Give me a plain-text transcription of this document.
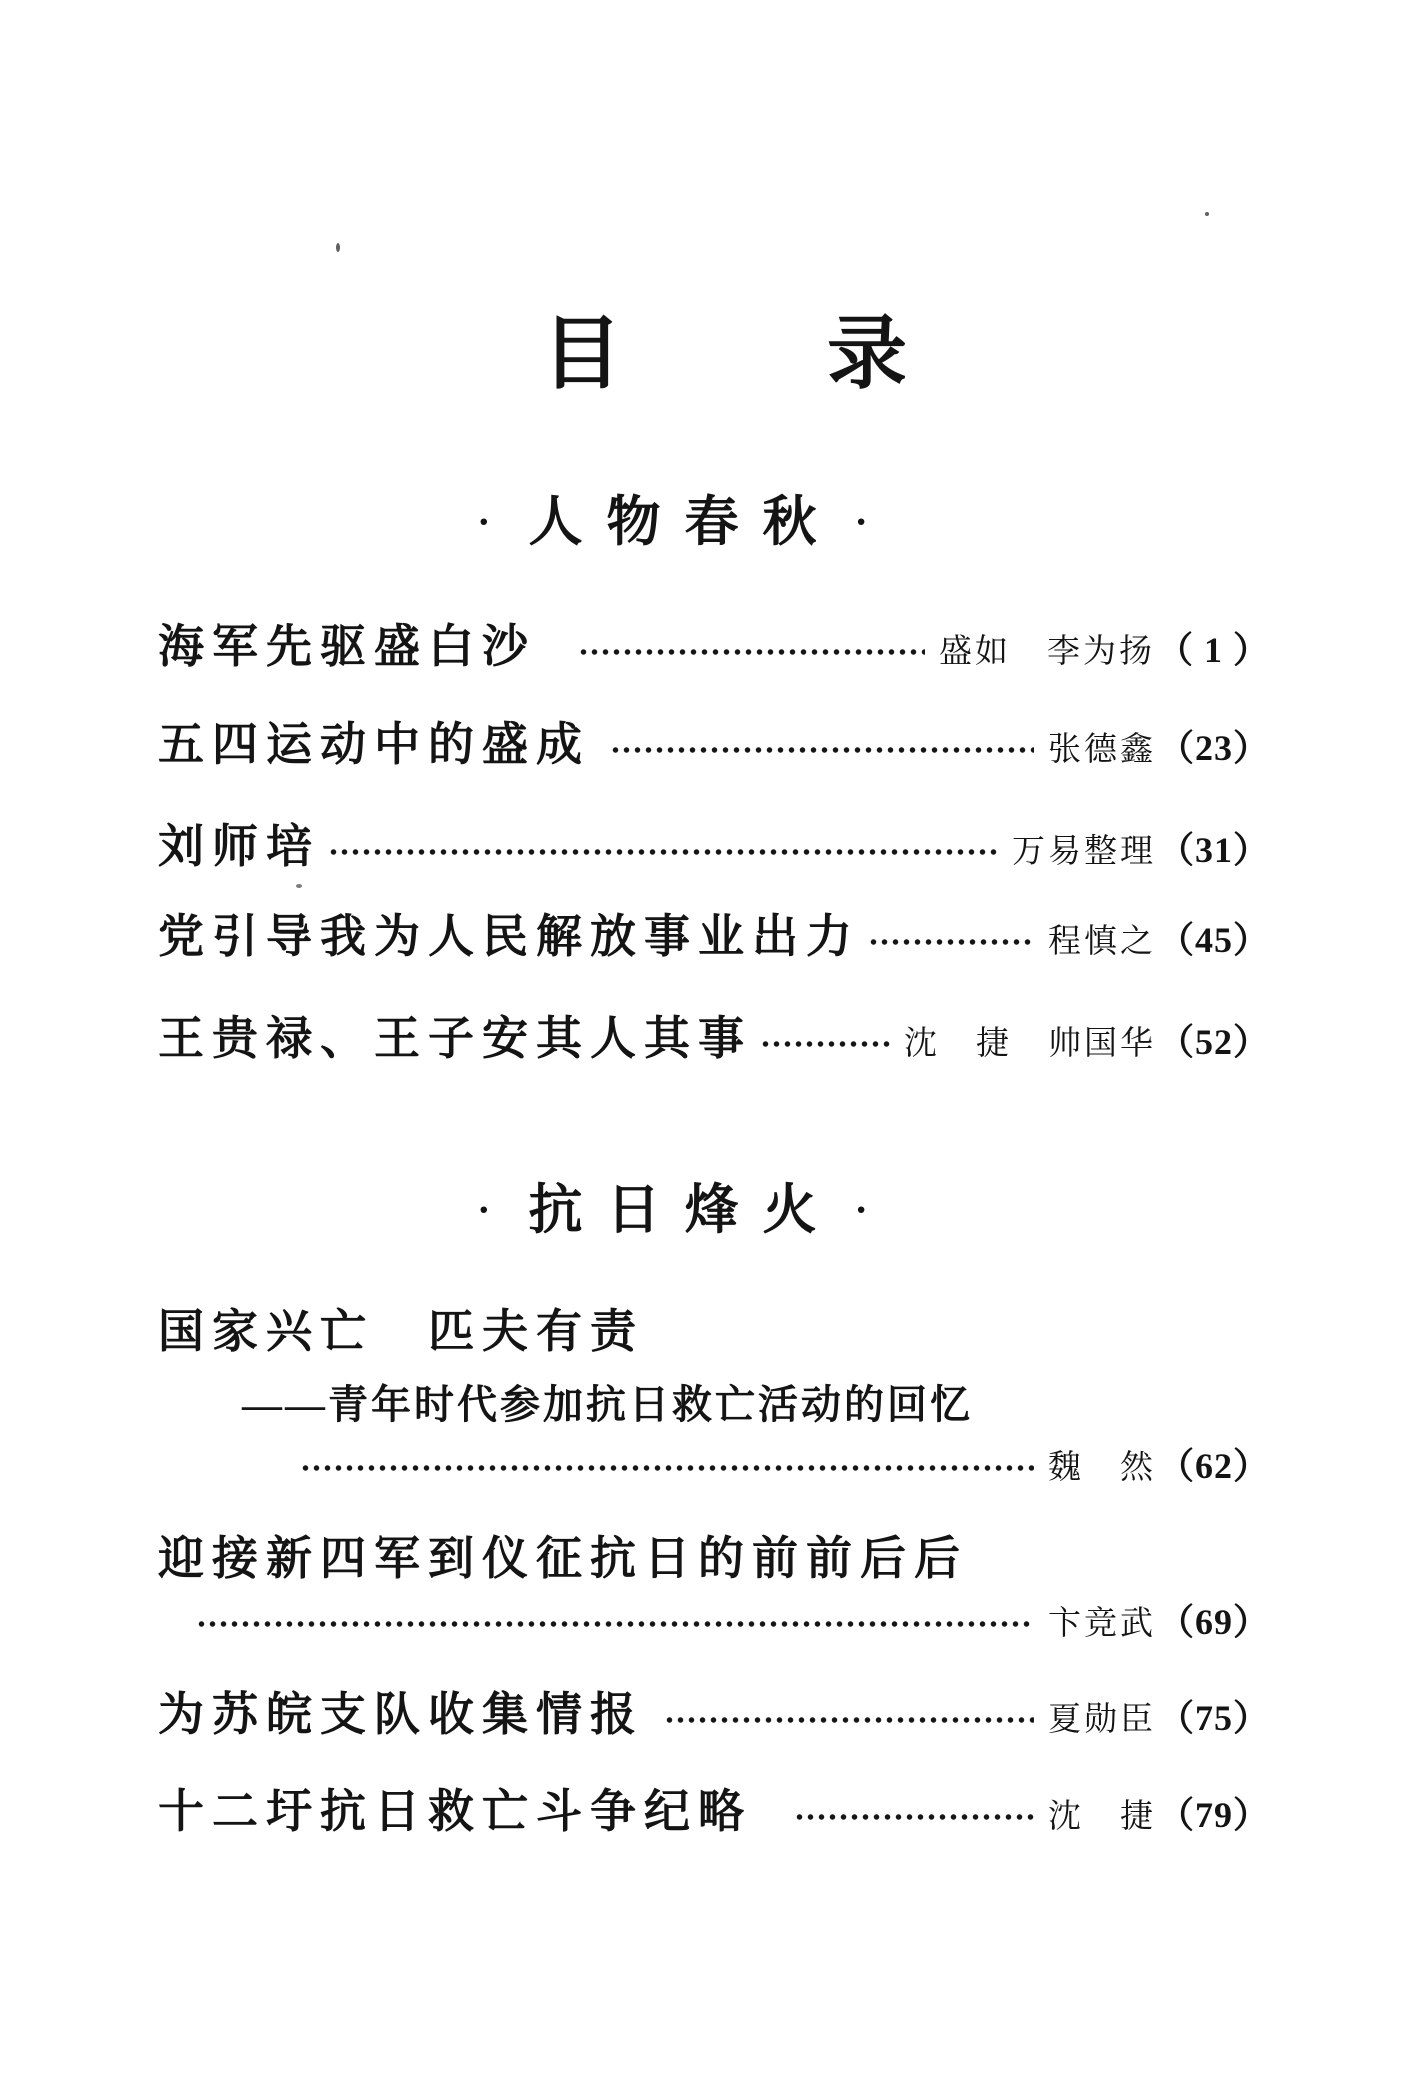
目	录
· 人物春秋 ·
海军先驱盛白沙	盛如　李为扬 （ 1 ）
五四运动中的盛成	张德鑫 （23）
刘师培	万易整理 （31）
党引导我为人民解放事业出力	程慎之 （45）
王贵禄、王子安其人其事	沈　捷　帅国华 （52）
· 抗日烽火 ·
国家兴亡　匹夫有责
——青年时代参加抗日救亡活动的回忆
魏　然 （62）
迎接新四军到仪征抗日的前前后后
卞竞武 （69）
为苏皖支队收集情报	夏勋臣 （75）
十二圩抗日救亡斗争纪略	沈　捷 （79）
